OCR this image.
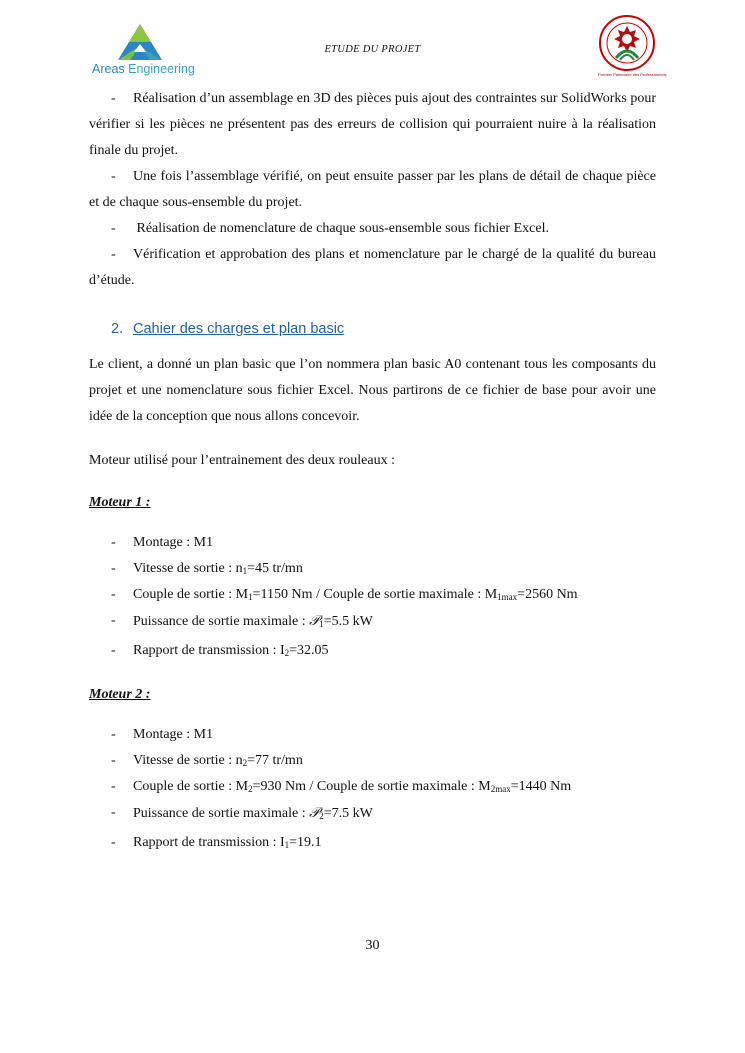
Areas Engineering
ETUDE DU PROJET
Premier Partenaire des Professionnels

- Réalisation d’un assemblage en 3D des pièces puis ajout des contraintes sur SolidWorks pour vérifier si les pièces ne présentent pas des erreurs de collision qui pourraient nuire à la réalisation finale du projet.

- Une fois l’assemblage vérifié, on peut ensuite passer par les plans de détail de chaque pièce et de chaque sous-ensemble du projet.

- Réalisation de nomenclature de chaque sous-ensemble sous fichier Excel.

- Vérification et approbation des plans et nomenclature par le chargé de la qualité du bureau d’étude.

2. Cahier des charges et plan basic

Le client, a donné un plan basic que l’on nommera plan basic A0 contenant tous les composants du projet et une nomenclature sous fichier Excel. Nous partirons de ce fichier de base pour avoir une idée de la conception que nous allons concevoir.

Moteur utilisé pour l’entrainement des deux rouleaux :

Moteur 1 :
- Montage : M1
- Vitesse de sortie : $n_1=45$ tr/mn
- Couple de sortie : $M_1=1150$ Nm / Couple de sortie maximale : $M_{1max}=2560$ Nm
- Puissance de sortie maximale : 𝒫$_1$=5.5 kW
- Rapport de transmission : $I_2=32.05$
Moteur 2 :
- Montage : M1
- Vitesse de sortie : $n_2=77$ tr/mn
- Couple de sortie : $M_2=930$ Nm / Couple de sortie maximale : $M_{2max}=1440$ Nm
- Puissance de sortie maximale : 𝒫$_2$=7.5 kW
- Rapport de transmission : $I_1=19.1$
30
